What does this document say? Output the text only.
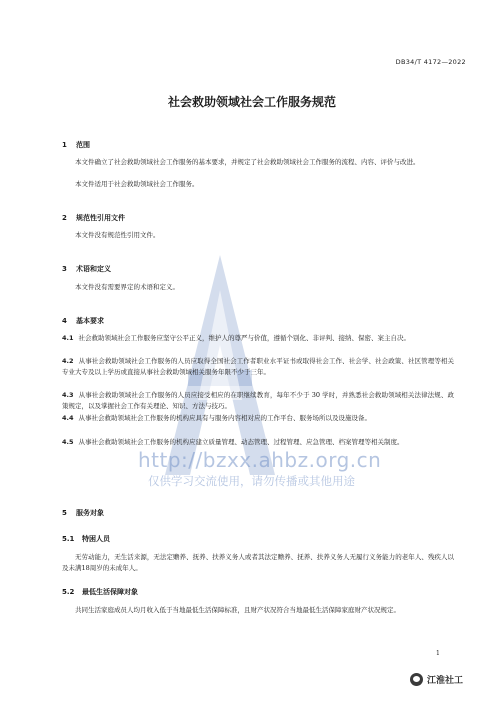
DB34/T 4172—2022
社会救助领域社会工作服务规范
1 范围
本文件确立了社会救助领域社会工作服务的基本要求，并规定了社会救助领域社会工作服务的流程、内容、评价与改进。
本文件适用于社会救助领域社会工作服务。
2 规范性引用文件
本文件没有规范性引用文件。
3 术语和定义
本文件没有需要界定的术语和定义。
4 基本要求
4.1 社会救助领域社会工作服务应坚守公平正义，维护人的尊严与价值，遵循个别化、非评判、接纳、保密、案主自决。
4.2 从事社会救助领域社会工作服务的人员应取得全国社会工作者职业水平证书或取得社会工作、社会学、社会政策、社区管理等相关专业大专及以上学历或直接从事社会救助领域相关服务年限不少于三年。
4.3 从事社会救助领域社会工作服务的人员应接受相应的在职继续教育，每年不少于 30 学时，并熟悉社会救助领域相关法律法规、政策规定，以及掌握社会工作有关理论、知识、方法与技巧。
4.4 从事社会救助领域社会工作服务的机构应具有与服务内容相对应的工作平台、服务场所以及设施设备。
4.5 从事社会救助领域社会工作服务的机构应建立质量管理、动态管理、过程管理、应急管理、档案管理等相关制度。
5 服务对象
5.1 特困人员
无劳动能力，无生活来源，无法定赡养、抚养、扶养义务人或者其法定赡养、抚养、扶养义务人无履行义务能力的老年人、残疾人以及未满18周岁的未成年人。
5.2 最低生活保障对象
共同生活家庭成员人均月收入低于当地最低生活保障标准，且财产状况符合当地最低生活保障家庭财产状况规定。
1
http://bzxx.ahbz.org.cn
仅供学习交流使用，请勿传播或其他用途
江淮社工
